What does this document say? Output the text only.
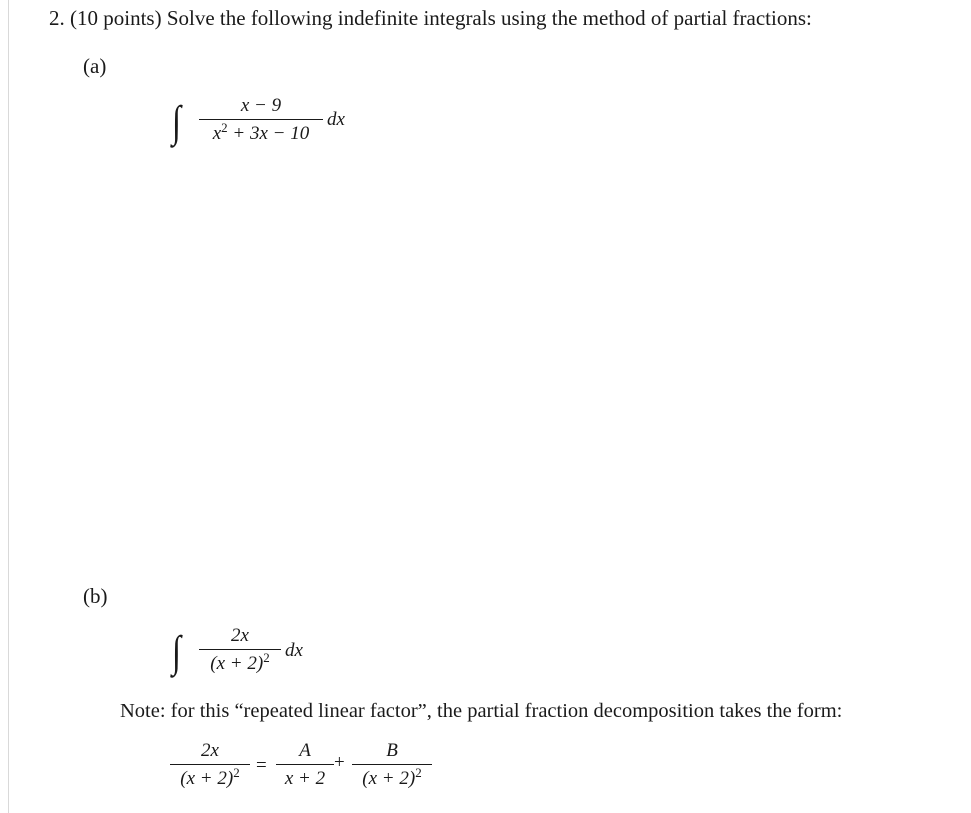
2. (10 points) Solve the following indefinite integrals using the method of partial fractions:
(a)
∫	x − 9
$x^2 + 3x - 10$
dx
(b)
∫	2x
$(x + 2)^2$ dx
Note: for this “repeated linear factor”, the partial fraction decomposition takes the form:
2x
$(x + 2)^2$ =
A
x + 2
+
B
$(x + 2)^2$
